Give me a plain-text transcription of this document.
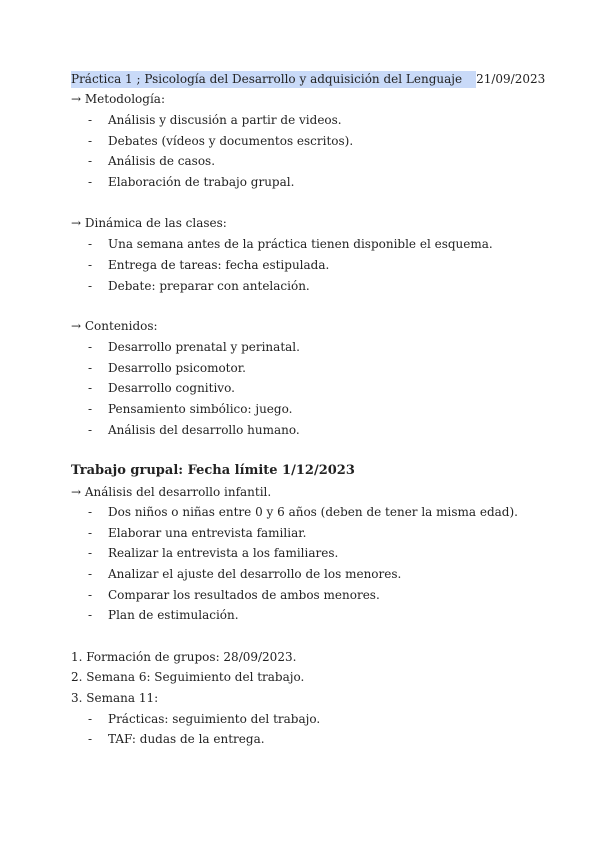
Práctica 1 ; Psicología del Desarrollo y adquisición del Lenguaje	21/09/2023
→ Metodología:
- Análisis y discusión a partir de videos.
- Debates (vídeos y documentos escritos).
- Análisis de casos.
- Elaboración de trabajo grupal.
→ Dinámica de las clases:
- Una semana antes de la práctica tienen disponible el esquema.
- Entrega de tareas: fecha estipulada.
- Debate: preparar con antelación.
→ Contenidos:
- Desarrollo prenatal y perinatal.
- Desarrollo psicomotor.
- Desarrollo cognitivo.
- Pensamiento simbólico: juego.
- Análisis del desarrollo humano.
Trabajo grupal: Fecha límite 1/12/2023
→ Análisis del desarrollo infantil.
- Dos niños o niñas entre 0 y 6 años (deben de tener la misma edad).
- Elaborar una entrevista familiar.
- Realizar la entrevista a los familiares.
- Analizar el ajuste del desarrollo de los menores.
- Comparar los resultados de ambos menores.
- Plan de estimulación.
1. Formación de grupos: 28/09/2023.
2. Semana 6: Seguimiento del trabajo.
3. Semana 11:
- Prácticas: seguimiento del trabajo.
- TAF: dudas de la entrega.
